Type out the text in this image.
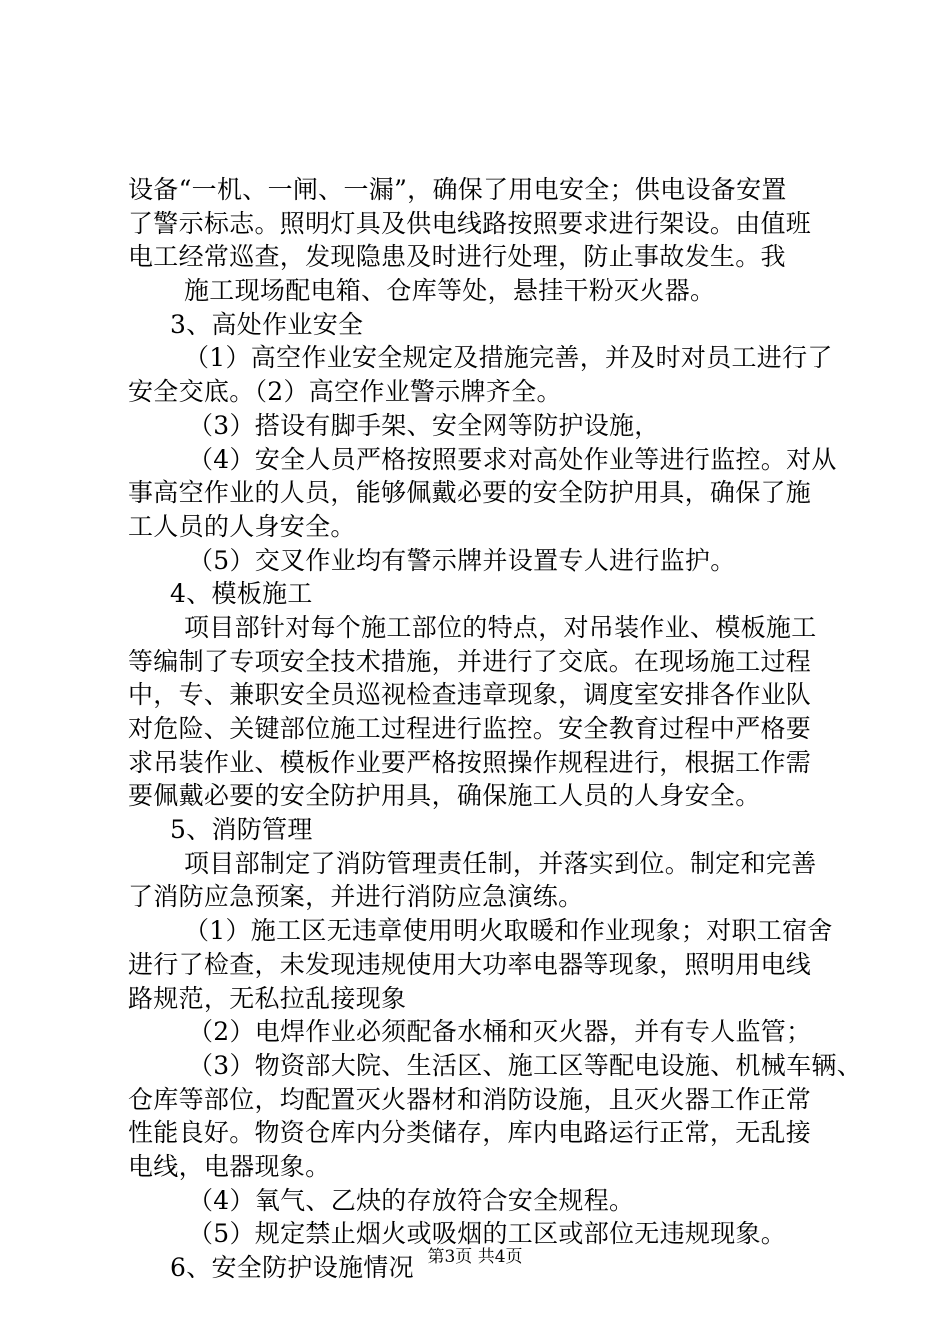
设备“一机、一闸、一漏”，确保了用电安全；供电设备安置
了警示标志。照明灯具及供电线路按照要求进行架设。由值班
电工经常巡查，发现隐患及时进行处理，防止事故发生。我
施工现场配电箱、仓库等处，悬挂干粉灭火器。
3、高处作业安全
（1）高空作业安全规定及措施完善，并及时对员工进行了
安全交底。（2）高空作业警示牌齐全。
（3）搭设有脚手架、安全网等防护设施，
（4）安全人员严格按照要求对高处作业等进行监控。对从
事高空作业的人员，能够佩戴必要的安全防护用具，确保了施
工人员的人身安全。
（5）交叉作业均有警示牌并设置专人进行监护。
4、模板施工
项目部针对每个施工部位的特点，对吊装作业、模板施工
等编制了专项安全技术措施，并进行了交底。在现场施工过程
中，专、兼职安全员巡视检查违章现象，调度室安排各作业队
对危险、关键部位施工过程进行监控。安全教育过程中严格要
求吊装作业、模板作业要严格按照操作规程进行，根据工作需
要佩戴必要的安全防护用具，确保施工人员的人身安全。
5、消防管理
项目部制定了消防管理责任制，并落实到位。制定和完善
了消防应急预案，并进行消防应急演练。
（1）施工区无违章使用明火取暖和作业现象；对职工宿舍
进行了检查，未发现违规使用大功率电器等现象，照明用电线
路规范，无私拉乱接现象
（2）电焊作业必须配备水桶和灭火器，并有专人监管；
（3）物资部大院、生活区、施工区等配电设施、机械车辆、
仓库等部位，均配置灭火器材和消防设施，且灭火器工作正常
性能良好。物资仓库内分类储存，库内电路运行正常，无乱接
电线，电器现象。
（4）氧气、乙炔的存放符合安全规程。
（5）规定禁止烟火或吸烟的工区或部位无违规现象。
6、安全防护设施情况 第3页 共4页
